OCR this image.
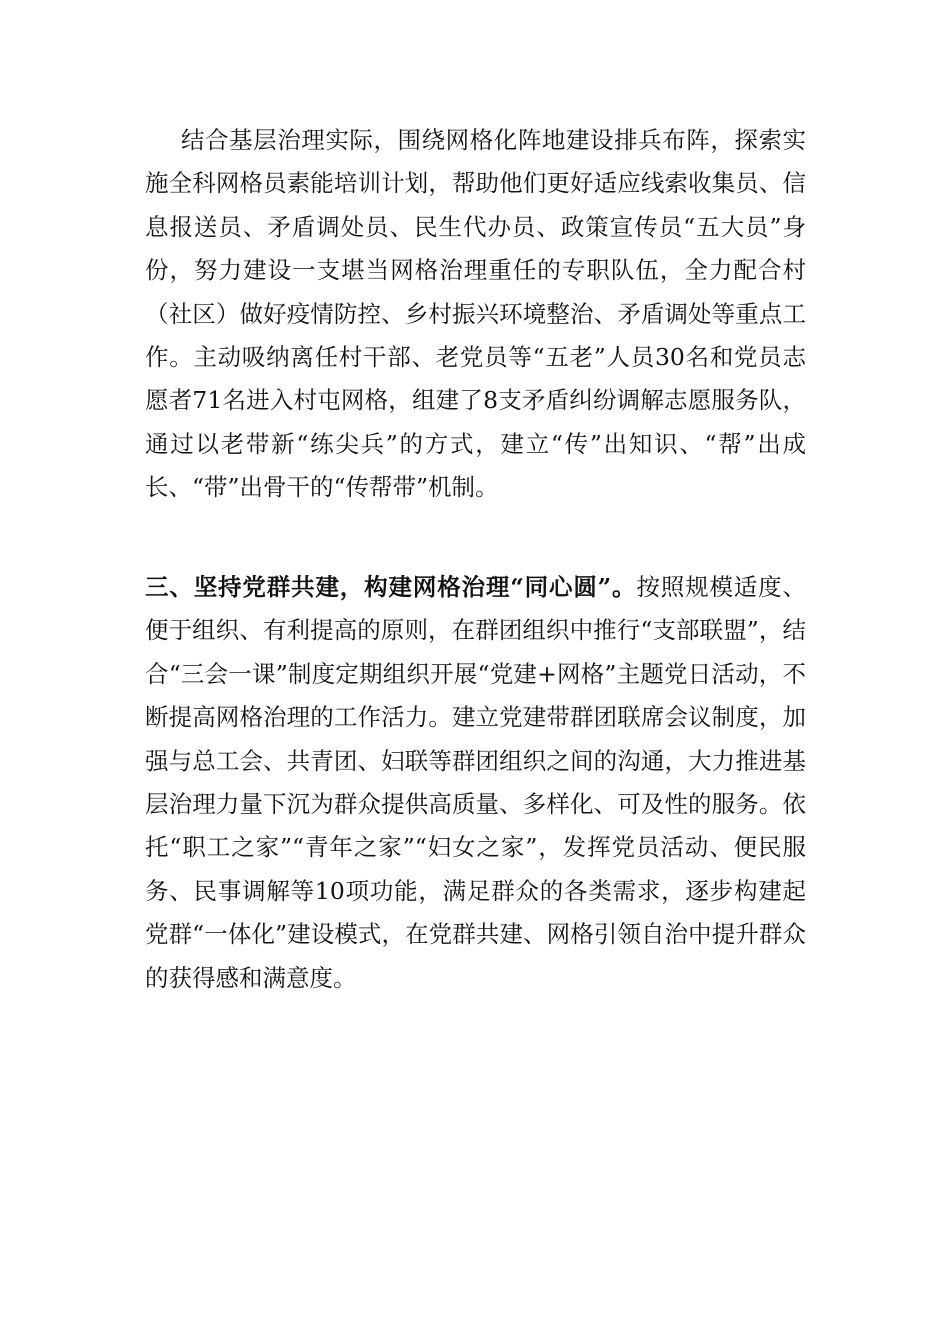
结合基层治理实际，围绕网格化阵地建设排兵布阵，探索实施全科网格员素能培训计划，帮助他们更好适应线索收集员、信息报送员、矛盾调处员、民生代办员、政策宣传员“五大员”身份，努力建设一支堪当网格治理重任的专职队伍，全力配合村（社区）做好疫情防控、乡村振兴环境整治、矛盾调处等重点工作。主动吸纳离任村干部、老党员等“五老”人员30名和党员志愿者71名进入村屯网格，组建了8支矛盾纠纷调解志愿服务队，通过以老带新“练尖兵”的方式，建立“传”出知识、“帮”出成长、“带”出骨干的“传帮带”机制。

三、坚持党群共建，构建网格治理“同心圆”。按照规模适度、便于组织、有利提高的原则，在群团组织中推行“支部联盟”，结合“三会一课”制度定期组织开展“党建+网格”主题党日活动，不断提高网格治理的工作活力。建立党建带群团联席会议制度，加强与总工会、共青团、妇联等群团组织之间的沟通，大力推进基层治理力量下沉为群众提供高质量、多样化、可及性的服务。依托“职工之家”“青年之家”“妇女之家”，发挥党员活动、便民服务、民事调解等10项功能，满足群众的各类需求，逐步构建起党群“一体化”建设模式，在党群共建、网格引领自治中提升群众的获得感和满意度。
